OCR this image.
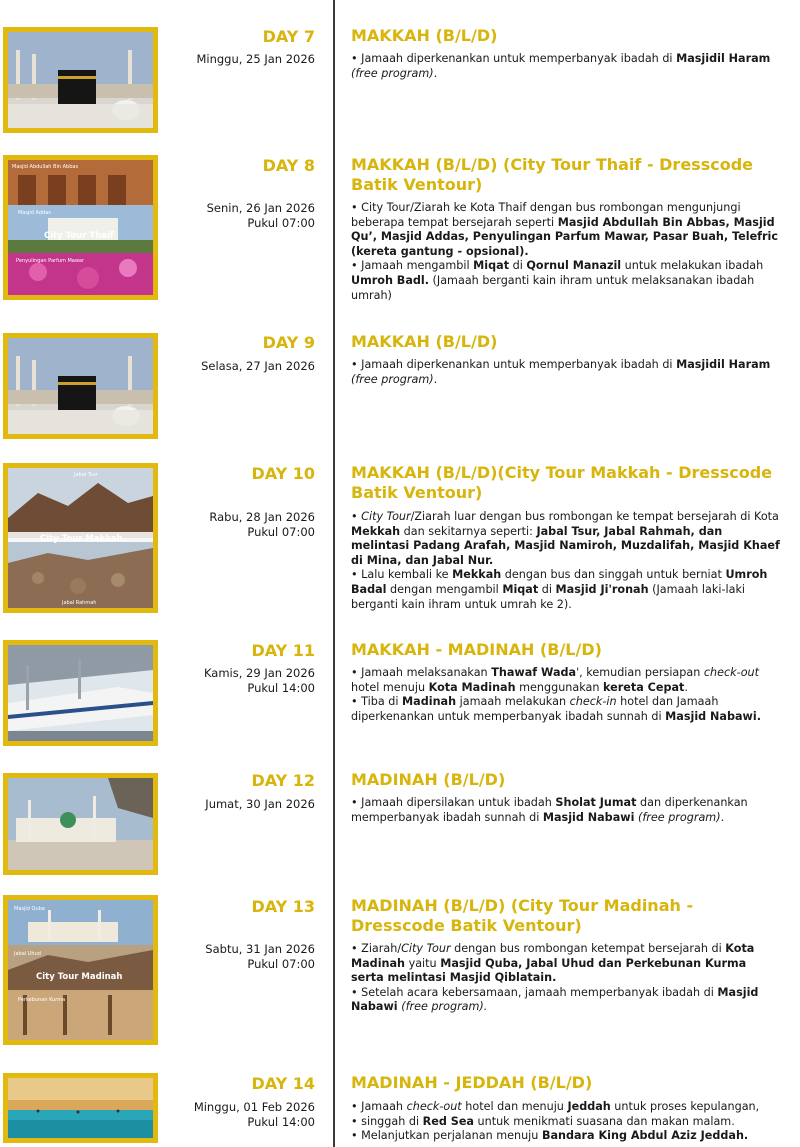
DAY 7
Minggu, 25 Jan 2026
MAKKAH (B/L/D)

• Jamaah diperkenankan untuk memperbanyak ibadah di Masjidil Haram (free program).

Masjid Abdullah Bin Abbas
Masjid Addas
City Tour Thaif
Penyulingan Parfum Mawar
DAY 8
Senin, 26 Jan 2026
Pukul 07:00
MAKKAH (B/L/D) (City Tour Thaif - Dresscode Batik Ventour)

• City Tour/Ziarah ke Kota Thaif dengan bus rombongan mengunjungi beberapa tempat bersejarah seperti Masjid Abdullah Bin Abbas, Masjid Qu’, Masjid Addas, Penyulingan Parfum Mawar, Pasar Buah, Telefric (kereta gantung - opsional).

• Jamaah mengambil Miqat di Qornul Manazil untuk melakukan ibadah Umroh Badl. (Jamaah berganti kain ihram untuk melaksanakan ibadah umrah)

DAY 9
Selasa, 27 Jan 2026
MAKKAH (B/L/D)

• Jamaah diperkenankan untuk memperbanyak ibadah di Masjidil Haram (free program).

Jabal Tsur
City Tour Makkah
Jabal Rahmah
DAY 10
Rabu, 28 Jan 2026
Pukul 07:00
MAKKAH (B/L/D)(City Tour Makkah - Dresscode Batik Ventour)

• City Tour/Ziarah luar dengan bus rombongan ke tempat bersejarah di Kota Mekkah dan sekitarnya seperti: Jabal Tsur, Jabal Rahmah, dan melintasi Padang Arafah, Masjid Namiroh, Muzdalifah, Masjid Khaef di Mina, dan Jabal Nur.

• Lalu kembali ke Mekkah dengan bus dan singgah untuk berniat Umroh Badal dengan mengambil Miqat di Masjid Ji'ronah (Jamaah laki-laki berganti kain ihram untuk umrah ke 2).

DAY 11
Kamis, 29 Jan 2026
Pukul 14:00
MAKKAH - MADINAH (B/L/D)

• Jamaah melaksanakan Thawaf Wada', kemudian persiapan check-out hotel menuju Kota Madinah menggunakan kereta Cepat.

• Tiba di Madinah jamaah melakukan check-in hotel dan Jamaah diperkenankan untuk memperbanyak ibadah sunnah di Masjid Nabawi.

DAY 12
Jumat, 30 Jan 2026
MADINAH (B/L/D)

• Jamaah dipersilakan untuk ibadah Sholat Jumat dan diperkenankan memperbanyak ibadah sunnah di Masjid Nabawi (free program).

Masjid Quba
Jabal Uhud
City Tour Madinah
Perkebunan Kurma
DAY 13
Sabtu, 31 Jan 2026
Pukul 07:00
MADINAH (B/L/D) (City Tour Madinah - Dresscode Batik Ventour)

• Ziarah/City Tour dengan bus rombongan ketempat bersejarah di Kota Madinah yaitu Masjid Quba, Jabal Uhud dan Perkebunan Kurma serta melintasi Masjid Qiblatain.

• Setelah acara kebersamaan, jamaah memperbanyak ibadah di Masjid Nabawi (free program).

DAY 14
Minggu, 01 Feb 2026
Pukul 14:00
MADINAH - JEDDAH (B/L/D)

• Jamaah check-out hotel dan menuju Jeddah untuk proses kepulangan,

• singgah di Red Sea untuk menikmati suasana dan makan malam.

• Melanjutkan perjalanan menuju Bandara King Abdul Aziz Jeddah.
